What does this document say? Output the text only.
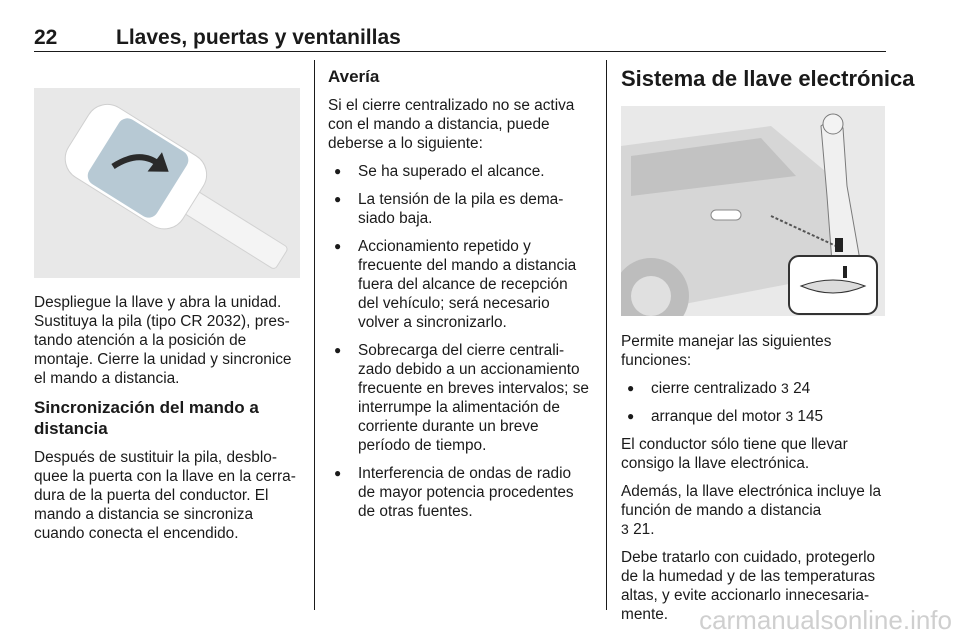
22	Llaves, puertas y ventanillas

Despliegue la llave y abra la unidad. Sustituya la pila (tipo CR 2032), prestando atención a la posición de montaje. Cierre la unidad y sincronice el mando a distancia.

Sincronización del mando a distancia

Después de sustituir la pila, desbloquee la puerta con la llave en la cerradura de la puerta del conductor. El mando a distancia se sincroniza cuando conecta el encendido.

Avería

Si el cierre centralizado no se activa con el mando a distancia, puede deberse a lo siguiente:

● Se ha superado el alcance.
● La tensión de la pila es demasiado baja.
● Accionamiento repetido y frecuente del mando a distancia fuera del alcance de recepción del vehículo; será necesario volver a sincronizarlo.
● Sobrecarga del cierre centralizado debido a un accionamiento frecuente en breves intervalos; se interrumpe la alimentación de corriente durante un breve período de tiempo.
● Interferencia de ondas de radio de mayor potencia procedentes de otras fuentes.
Sistema de llave electrónica

Permite manejar las siguientes funciones:

● cierre centralizado 3 24
● arranque del motor 3 145

El conductor sólo tiene que llevar consigo la llave electrónica.

Además, la llave electrónica incluye la función de mando a distancia
3 21.

Debe tratarlo con cuidado, protegerlo de la humedad y de las temperaturas altas, y evite accionarlo innecesariamente.	carmanualsonline.info
